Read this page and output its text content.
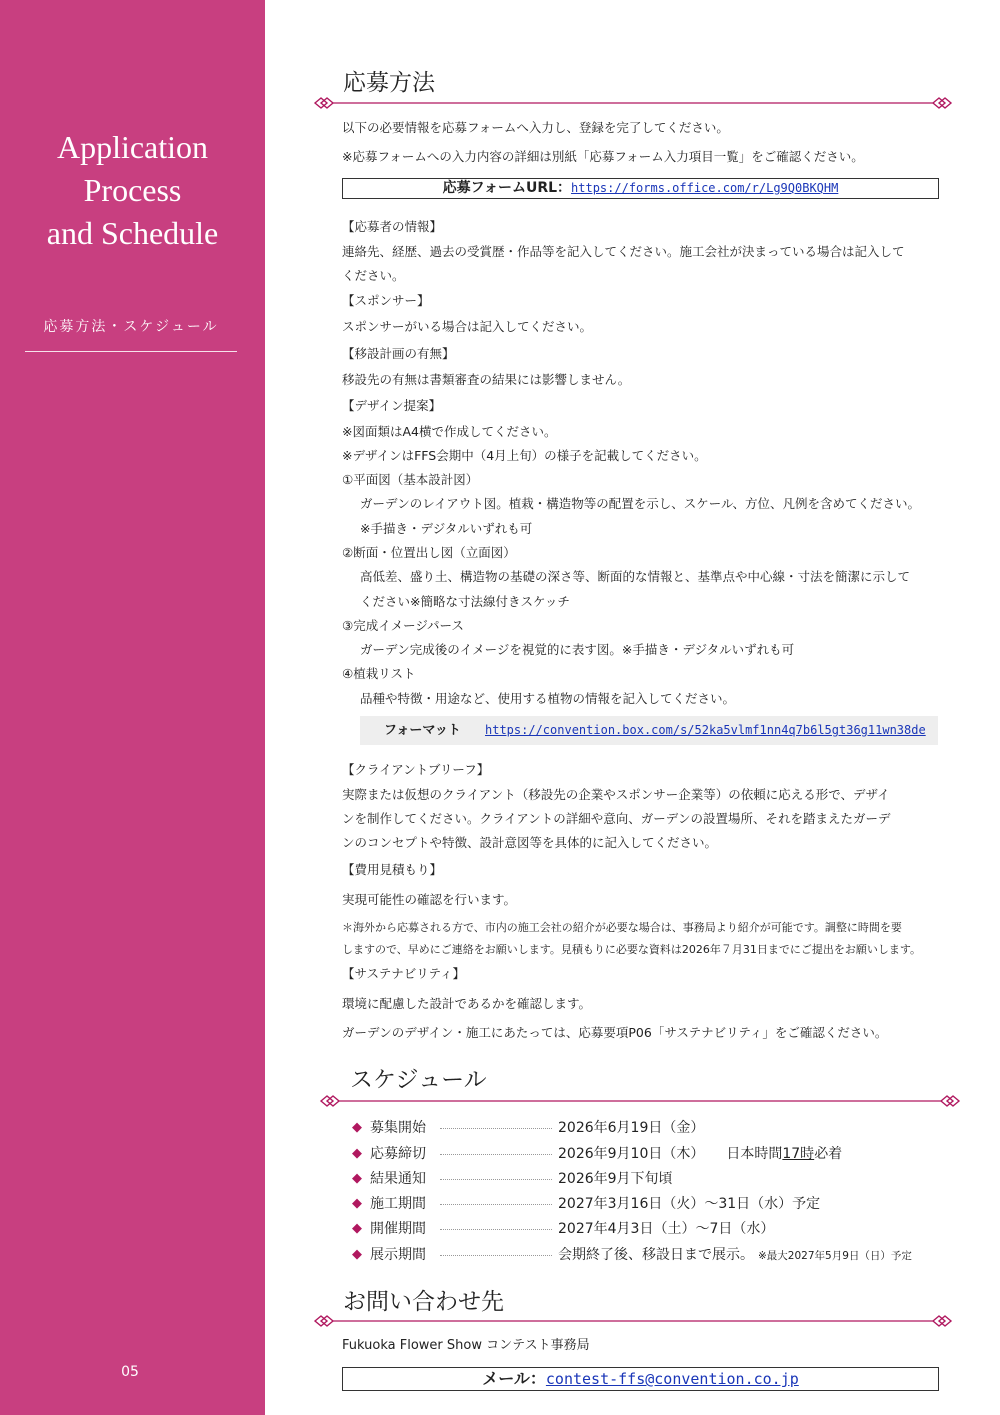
Application
Process
and Schedule
応募方法・スケジュール
05
応募方法
以下の必要情報を応募フォームへ入力し、登録を完了してください。
※応募フォームへの入力内容の詳細は別紙「応募フォーム入力項目一覧」をご確認ください。
応募フォームURL：https://forms.office.com/r/Lg9Q0BKQHM
【応募者の情報】
連絡先、経歴、過去の受賞歴・作品等を記入してください。施工会社が決まっている場合は記入して
ください。
【スポンサー】
スポンサーがいる場合は記入してください。
【移設計画の有無】
移設先の有無は書類審査の結果には影響しません。
【デザイン提案】
※図面類はA4横で作成してください。
※デザインはFFS会期中（4月上旬）の様子を記載してください。
①平面図（基本設計図）
ガーデンのレイアウト図。植栽・構造物等の配置を示し、スケール、方位、凡例を含めてください。
※手描き・デジタルいずれも可
②断面・位置出し図（立面図）
高低差、盛り土、構造物の基礎の深さ等、断面的な情報と、基準点や中心線・寸法を簡潔に示して
ください※簡略な寸法線付きスケッチ
③完成イメージパース
ガーデン完成後のイメージを視覚的に表す図。※手描き・デジタルいずれも可
④植栽リスト
品種や特徴・用途など、使用する植物の情報を記入してください。
フォーマット https://convention.box.com/s/52ka5vlmf1nn4q7b6l5gt36g11wn38de
【クライアントブリーフ】
実際または仮想のクライアント（移設先の企業やスポンサー企業等）の依頼に応える形で、デザイ
ンを制作してください。クライアントの詳細や意向、ガーデンの設置場所、それを踏まえたガーデ
ンのコンセプトや特徴、設計意図等を具体的に記入してください。
【費用見積もり】
実現可能性の確認を行います。
＊海外から応募される方で、市内の施工会社の紹介が必要な場合は、事務局より紹介が可能です。調整に時間を要
しますので、早めにご連絡をお願いします。見積もりに必要な資料は2026年７月31日までにご提出をお願いします。
【サステナビリティ】
環境に配慮した設計であるかを確認します。
ガーデンのデザイン・施工にあたっては、応募要項P06「サステナビリティ」をご確認ください。
スケジュール
◆ 募集開始	2026年6月19日（金）
◆ 応募締切	2026年9月10日（木） 日本時間17時必着
◆ 結果通知	2026年9月下旬頃
◆ 施工期間	2027年3月16日（火）～31日（水）予定
◆ 開催期間	2027年4月3日（土）～7日（水）
◆ 展示期間	会期終了後、移設日まで展示。 ※最大2027年5月9日（日）予定
お問い合わせ先
Fukuoka Flower Show コンテスト事務局
メール：contest-ffs@convention.co.jp
